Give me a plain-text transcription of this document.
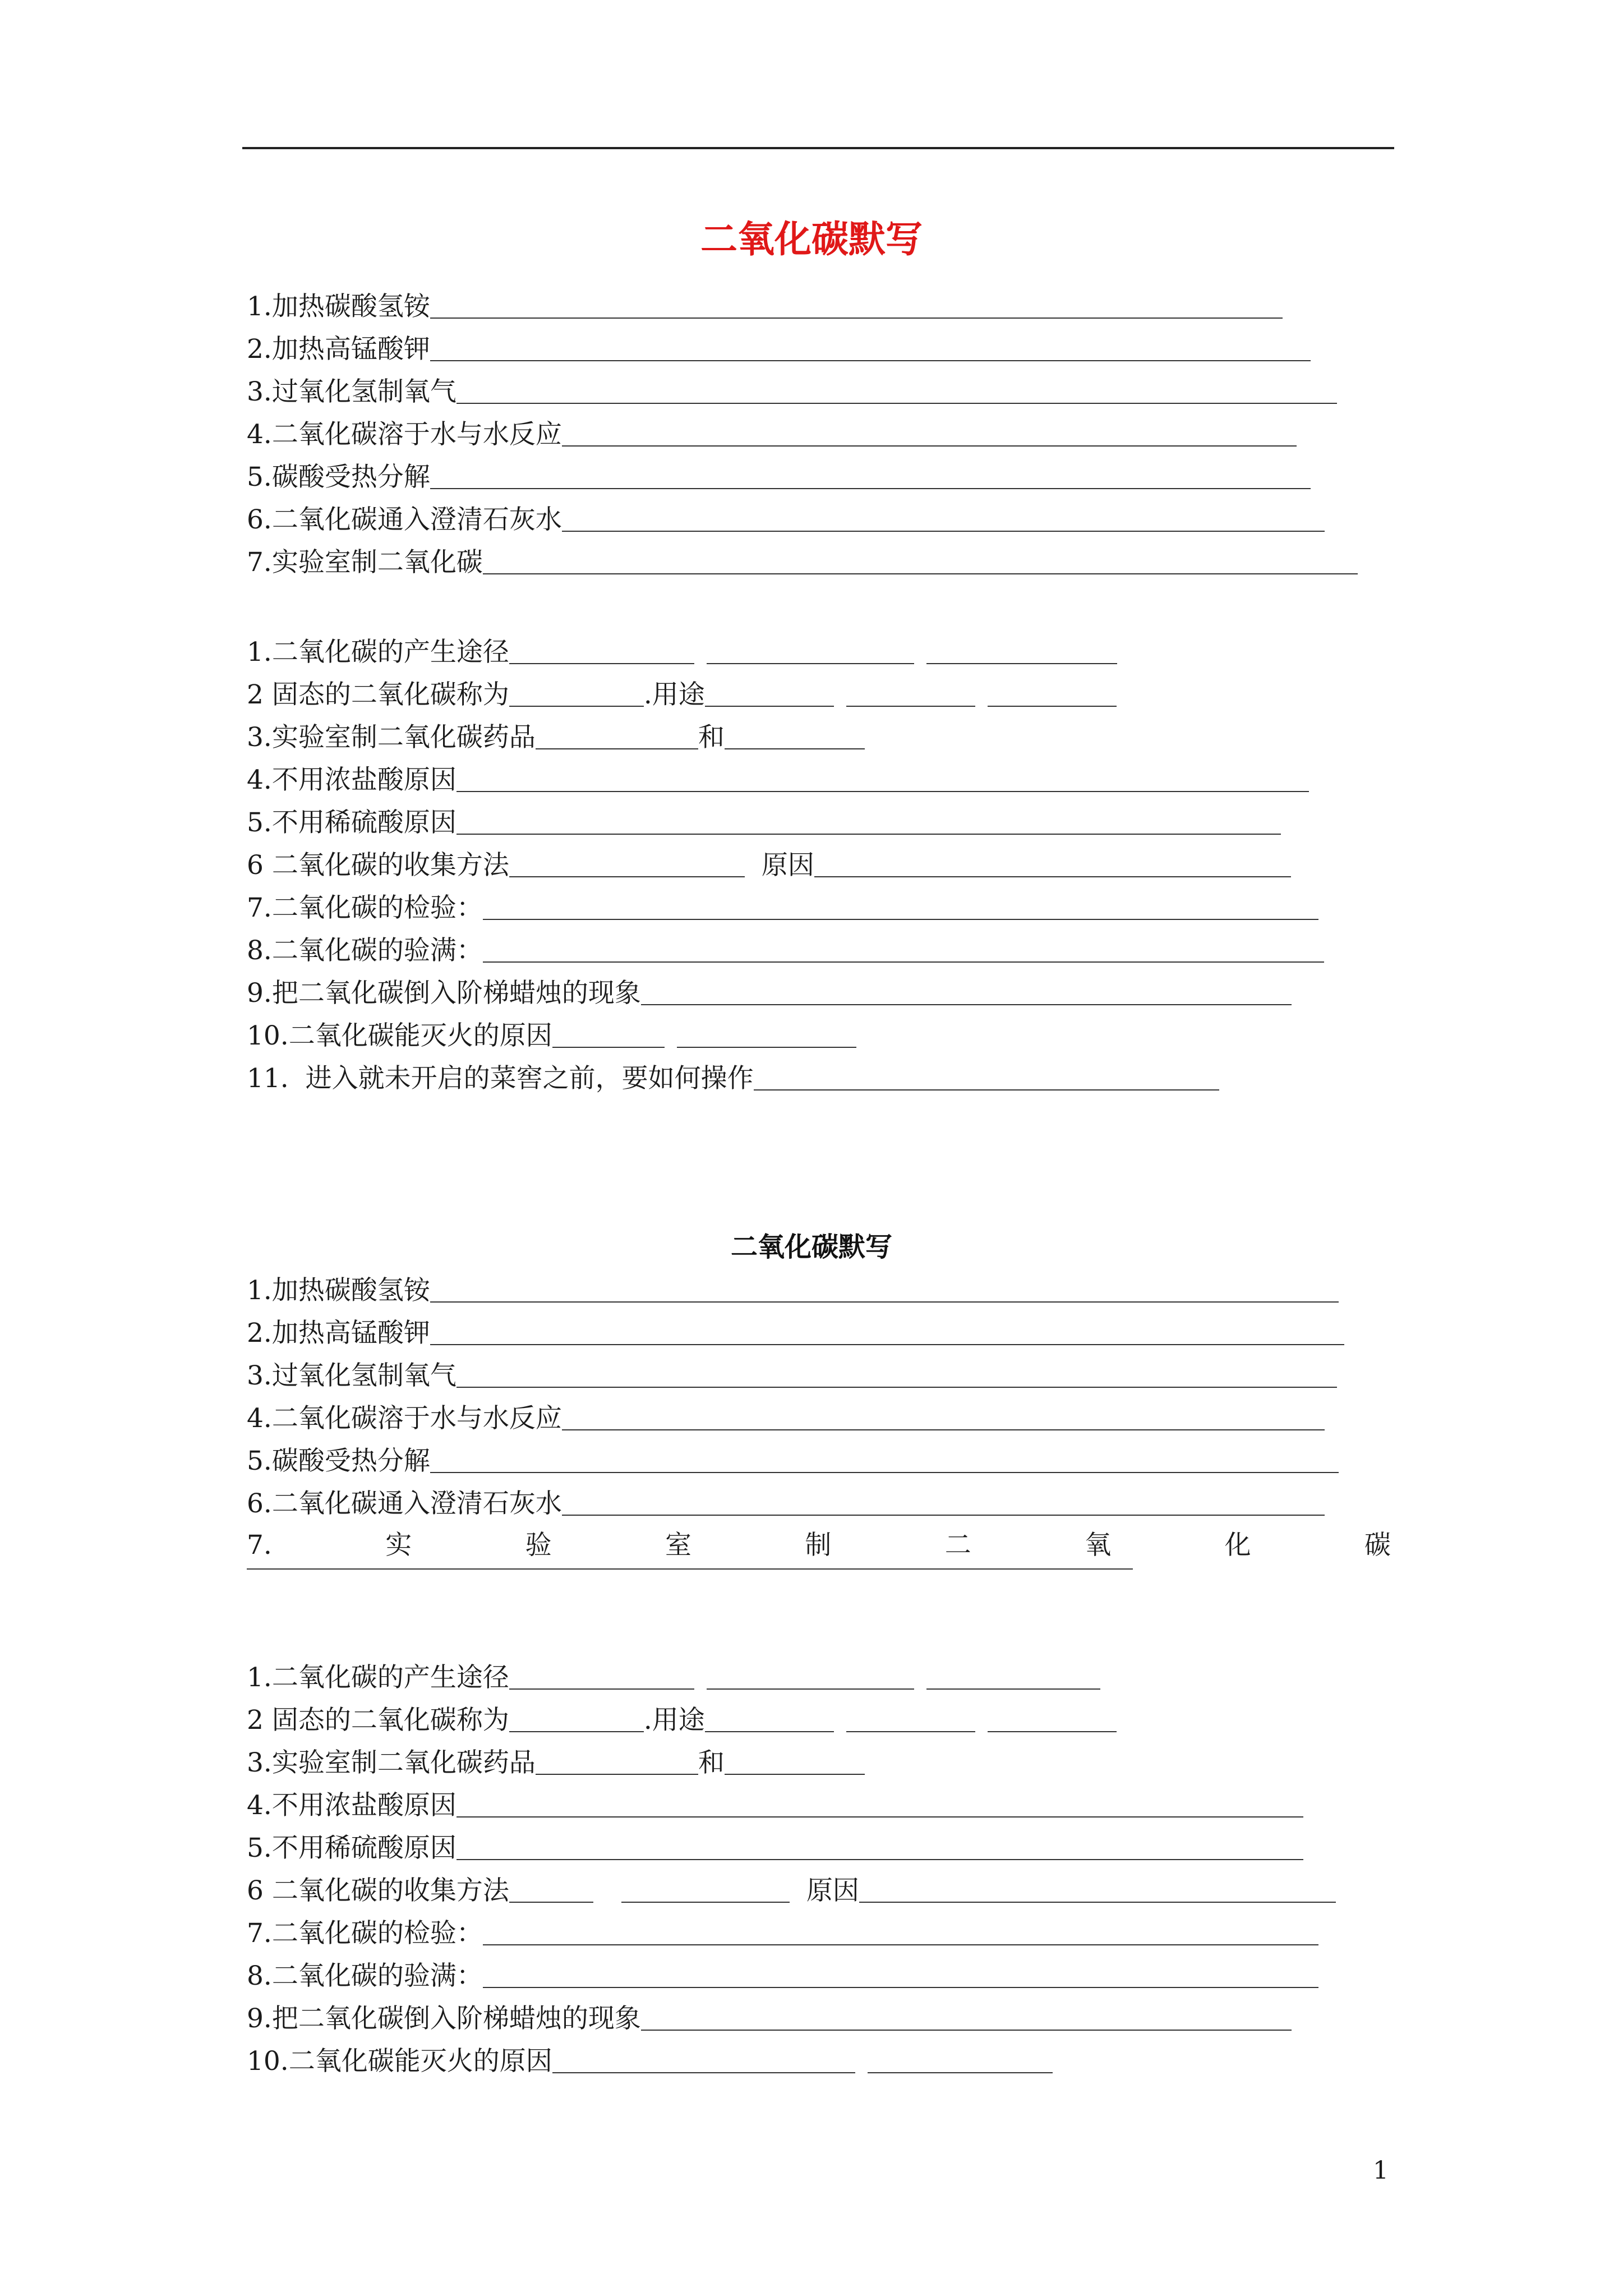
二氧化碳默写
1.加热碳酸氢铵
2.加热高锰酸钾
3.过氧化氢制氧气
4.二氧化碳溶于水与水反应
5.碳酸受热分解
6.二氧化碳通入澄清石灰水
7.实验室制二氧化碳
1.二氧化碳的产生途径
2 固态的二氧化碳称为	.用途
3.实验室制二氧化碳药品	和
4.不用浓盐酸原因
5.不用稀硫酸原因
6 二氧化碳的收集方法	原因
7.二氧化碳的检验：
8.二氧化碳的验满：
9.把二氧化碳倒入阶梯蜡烛的现象
10.二氧化碳能灭火的原因
11.  进入就未开启的菜窖之前，要如何操作
二氧化碳默写
1.加热碳酸氢铵
2.加热高锰酸钾
3.过氧化氢制氧气
4.二氧化碳溶于水与水反应
5.碳酸受热分解
6.二氧化碳通入澄清石灰水
7.	实	验	室	制	二	氧	化	碳
1.二氧化碳的产生途径
2 固态的二氧化碳称为	.用途
3.实验室制二氧化碳药品	和
4.不用浓盐酸原因
5.不用稀硫酸原因
6 二氧化碳的收集方法	原因
7.二氧化碳的检验：
8.二氧化碳的验满：
9.把二氧化碳倒入阶梯蜡烛的现象
10.二氧化碳能灭火的原因
1
